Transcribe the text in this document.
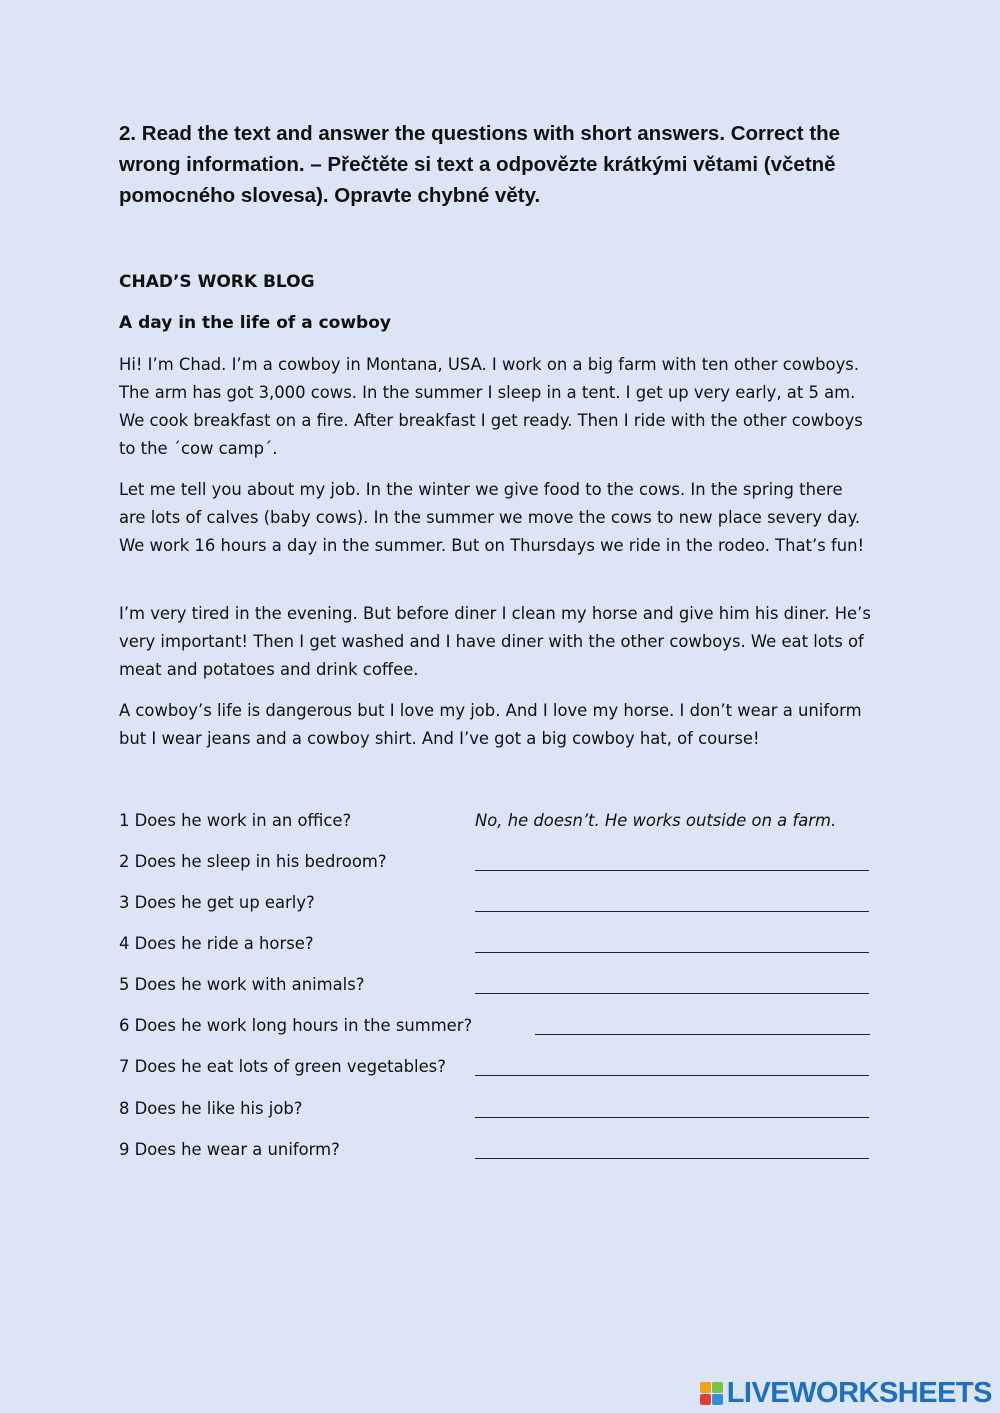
2. Read the text and answer the questions with short answers. Correct the wrong information. – Přečtěte si text a odpovězte krátkými větami (včetně pomocného slovesa). Opravte chybné věty.

CHAD’S WORK BLOG

A day in the life of a cowboy

Hi! I’m Chad. I’m a cowboy in Montana, USA. I work on a big farm with ten other cowboys. The arm has got 3,000 cows. In the summer I sleep in a tent. I get up very early, at 5 am. We cook breakfast on a fire. After breakfast I get ready. Then I ride with the other cowboys to the ´cow camp´.

Let me tell you about my job. In the winter we give food to the cows. In the spring there are lots of calves (baby cows). In the summer we move the cows to new place severy day. We work 16 hours a day in the summer. But on Thursdays we ride in the rodeo. That’s fun!

I’m very tired in the evening. But before diner I clean my horse and give him his diner. He’s very important! Then I get washed and I have diner with the other cowboys. We eat lots of meat and potatoes and drink coffee.

A cowboy’s life is dangerous but I love my job. And I love my horse. I don’t wear a uniform but I wear jeans and a cowboy shirt. And I’ve got a big cowboy hat, of course!

1 Does he work in an office?	No, he doesn’t. He works outside on a farm.
2 Does he sleep in his bedroom?
3 Does he get up early?
4 Does he ride a horse?
5 Does he work with animals?
6 Does he work long hours in the summer?
7 Does he eat lots of green vegetables?
8 Does he like his job?
9 Does he wear a uniform?
LIVEWORKSHEETS
